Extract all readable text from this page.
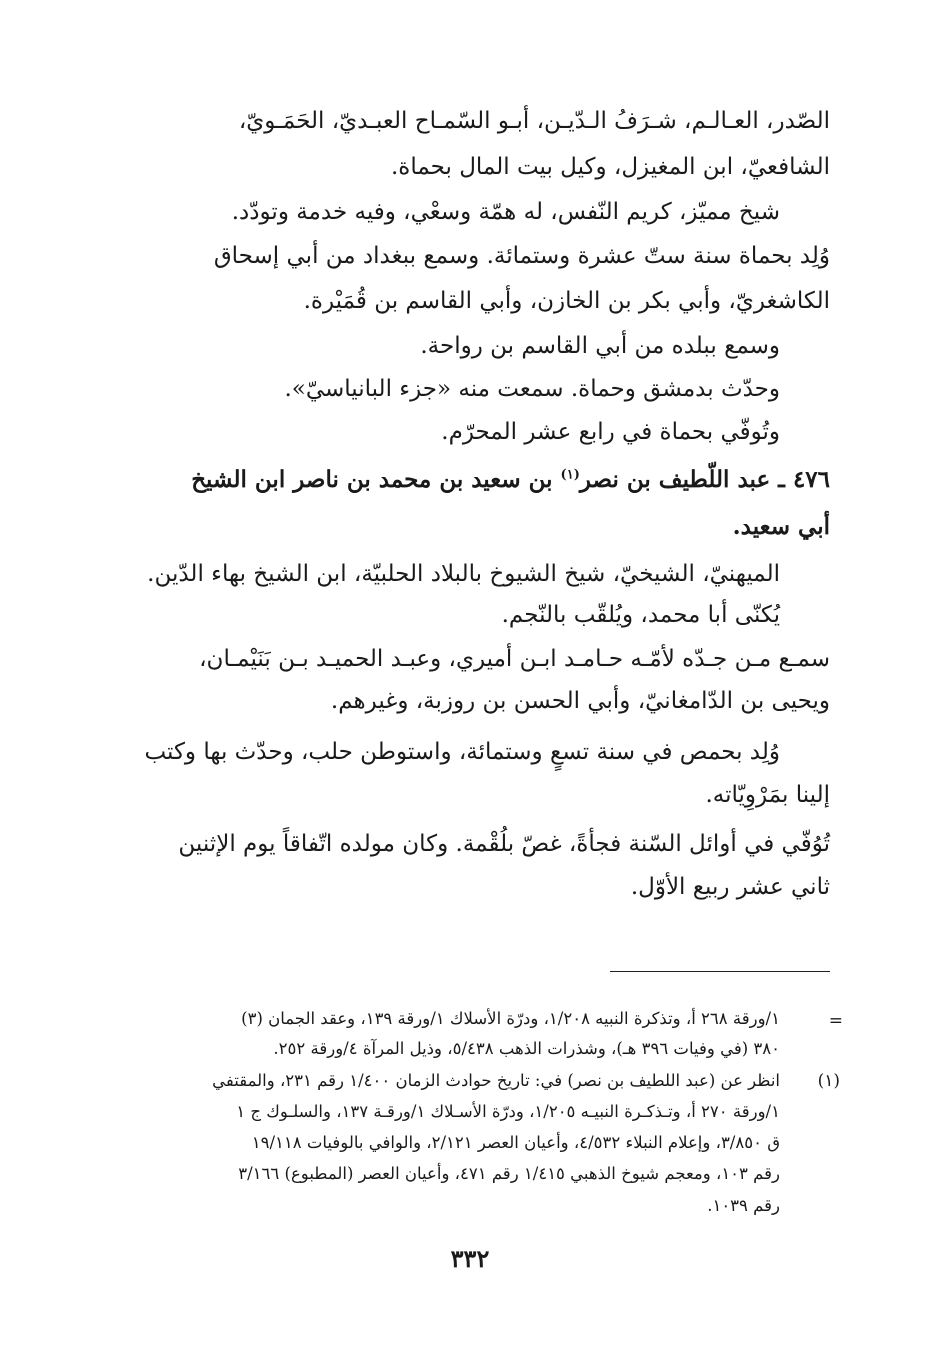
الصّدر، العـالـم، شـرَفُ الـدّيـن، أبـو السّمـاح العبـديّ، الحَمَـويّ،
الشافعيّ، ابن المغيزل، وكيل بيت المال بحماة.
شيخ مميّز، كريم النّفس، له همّة وسعْي، وفيه خدمة وتودّد.
وُلِد بحماة سنة ستّ عشرة وستمائة. وسمع ببغداد من أبي إسحاق
الكاشغريّ، وأبي بكر بن الخازن، وأبي القاسم بن قُمَيْرة.
وسمع ببلده من أبي القاسم بن رواحة.
وحدّث بدمشق وحماة. سمعت منه «جزء البانياسيّ».
وتُوفّي بحماة في رابع عشر المحرّم.
٤٧٦ ـ عبد اللّطيف بن نصر$^{(١)}$ بن سعيد بن محمد بن ناصر ابن الشيخ
أبي سعيد.
الميهنيّ، الشيخيّ، شيخ الشيوخ بالبلاد الحلبيّة، ابن الشيخ بهاء الدّين.
يُكنّى أبا محمد، ويُلقّب بالنّجم.
سمـع مـن جـدّه لأمّـه حـامـد ابـن أميري، وعبـد الحميـد بـن بَنَيْمـان،
ويحيى بن الدّامغانيّ، وأبي الحسن بن روزبة، وغيرهم.
وُلِد بحمص في سنة تسعٍ وستمائة، واستوطن حلب، وحدّث بها وكتب
إلينا بمَرْوِيّاته.
تُوُفّي في أوائل السّنة فجأةً، غصّ بلُقْمة. وكان مولده اتّفاقاً يوم الإثنين
ثاني عشر ربيع الأوّل.
=
١/ورقة ٢٦٨ أ، وتذكرة النبيه ١/٢٠٨، ودرّة الأسلاك ١/ورقة ١٣٩، وعقد الجمان (٣)
٣٨٠ (في وفيات ٣٩٦ هـ)، وشذرات الذهب ٥/٤٣٨، وذيل المرآة ٤/ورقة ٢٥٢.
(١)
انظر عن (عبد اللطيف بن نصر) في: تاريخ حوادث الزمان ١/٤٠٠ رقم ٢٣١، والمقتفي
١/ورقة ٢٧٠ أ، وتـذكـرة النبيـه ١/٢٠٥، ودرّة الأسـلاك ١/ورقـة ١٣٧، والسلـوك ج ١
ق ٣/٨٥٠، وإعلام النبلاء ٤/٥٣٢، وأعيان العصر ٢/١٢١، والوافي بالوفيات ١٩/١١٨
رقم ١٠٣، ومعجم شيوخ الذهبي ١/٤١٥ رقم ٤٧١، وأعيان العصر (المطبوع) ٣/١٦٦
رقم ١٠٣٩.
٣٣٢
